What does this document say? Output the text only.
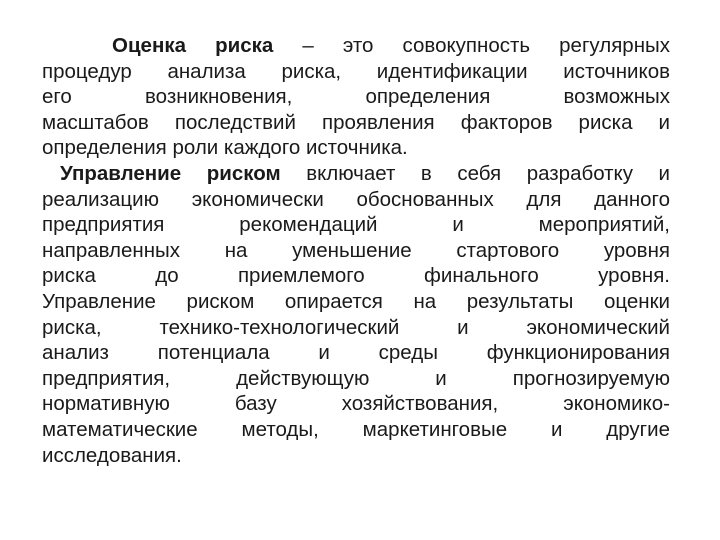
Оценка риска – это совокупность регулярных
процедур анализа риска, идентификации источников
его возникновения, определения возможных
масштабов последствий проявления факторов риска и
определения роли каждого источника.
Управление риском включает в себя разработку и
реализацию экономически обоснованных для данного
предприятия рекомендаций и мероприятий,
направленных на уменьшение стартового уровня
риска до приемлемого финального уровня.
Управление риском опирается на результаты оценки
риска, технико-технологический и экономический
анализ потенциала и среды функционирования
предприятия, действующую и прогнозируемую
нормативную базу хозяйствования, экономико-
математические методы, маркетинговые и другие
исследования.
